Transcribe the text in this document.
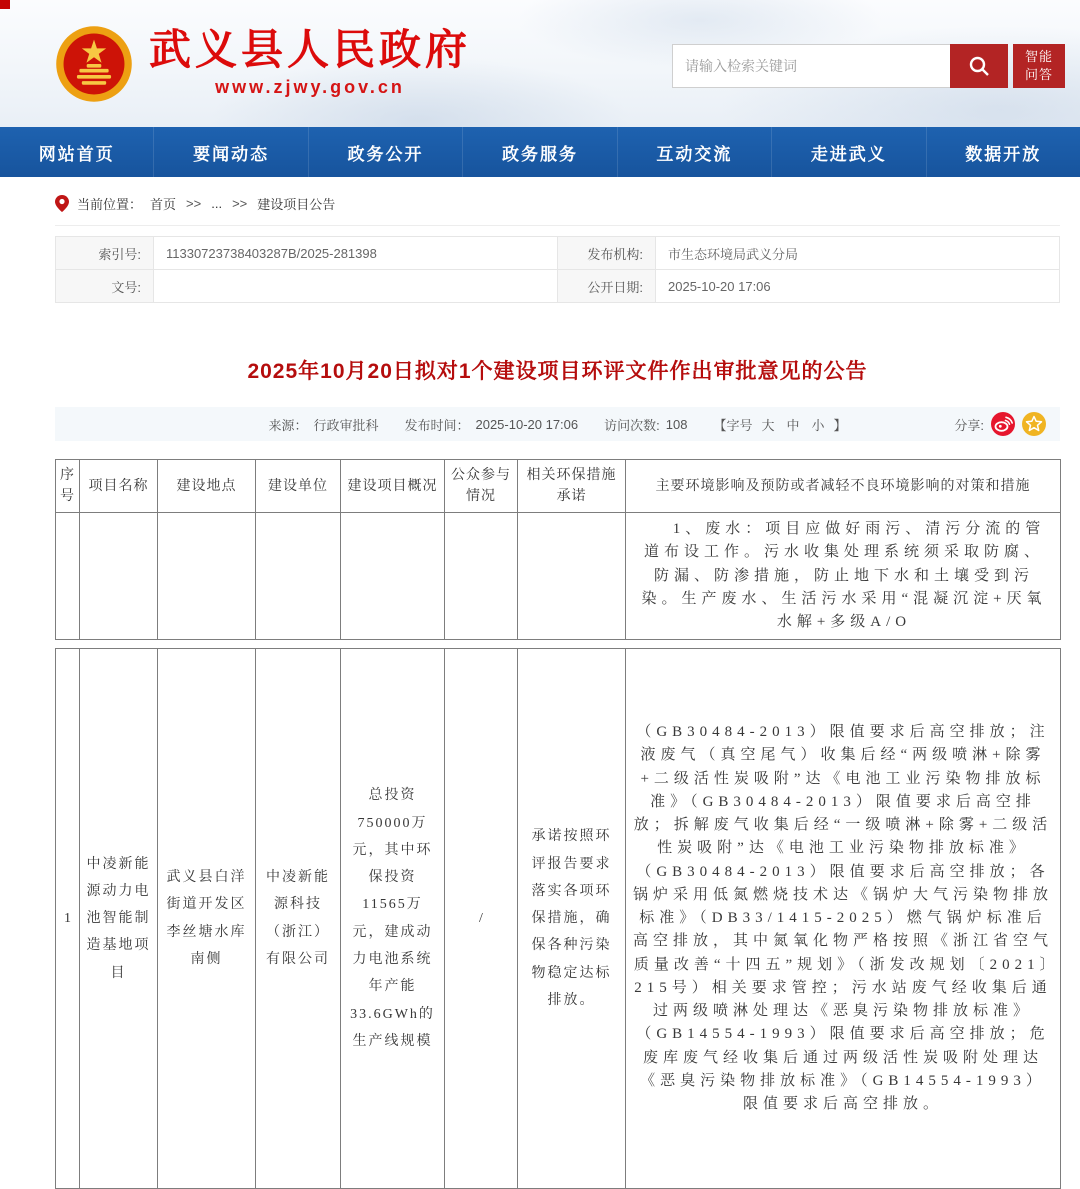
武义县人民政府
www.zjwy.gov.cn
请输入检索关键词
智能问答
网站首页	要闻动态	政务公开	政务服务	互动交流	走进武义	数据开放
当前位置： 首页 >> ... >> 建设项目公告
索引号:	11330723738403287B/2025-281398	发布机构:	市生态环境局武义分局
文号:		公开日期:	2025-10-20 17:06
2025年10月20日拟对1个建设项目环评文件作出审批意见的公告
来源： 行政审批科 发布时间： 2025-10-20 17:06 访问次数: 108 【字号 大 中 小 】	分享:
序号	项目名称	建设地点	建设单位	建设项目概况	公众参与情况	相关环保措施承诺	主要环境影响及预防或者减轻不良环境影响的对策和措施
							1、废水：项目应做好雨污、清污分流的管道布设工作。污水收集处理系统须采取防腐、防漏、防渗措施，防止地下水和土壤受到污染。生产废水、生活污水采用“混凝沉淀+厌氧水解+多级A/O
1	中凌新能源动力电池智能制造基地项目	武义县白洋街道开发区李丝塘水库南侧	中凌新能源科技（浙江）有限公司	总投资750000万元，其中环保投资11565万元，建成动力电池系统年产能33.6GWh的生产线规模	/	承诺按照环评报告要求落实各项环保措施，确保各种污染物稳定达标排放。	（GB30484-2013）限值要求后高空排放；注液废气（真空尾气）收集后经“两级喷淋+除雾+二级活性炭吸附”达《电池工业污染物排放标准》（GB30484-2013）限值要求后高空排放；拆解废气收集后经“一级喷淋+除雾+二级活性炭吸附”达《电池工业污染物排放标准》（GB30484-2013）限值要求后高空排放；各锅炉采用低氮燃烧技术达《锅炉大气污染物排放标准》（DB33/1415-2025）燃气锅炉标准后高空排放，其中氮氧化物严格按照《浙江省空气质量改善“十四五”规划》（浙发改规划〔2021〕215号）相关要求管控；污水站废气经收集后通过两级喷淋处理达《恶臭污染物排放标准》（GB14554-1993）限值要求后高空排放；危废库废气经收集后通过两级活性炭吸附处理达《恶臭污染物排放标准》（GB14554-1993）限值要求后高空排放。
